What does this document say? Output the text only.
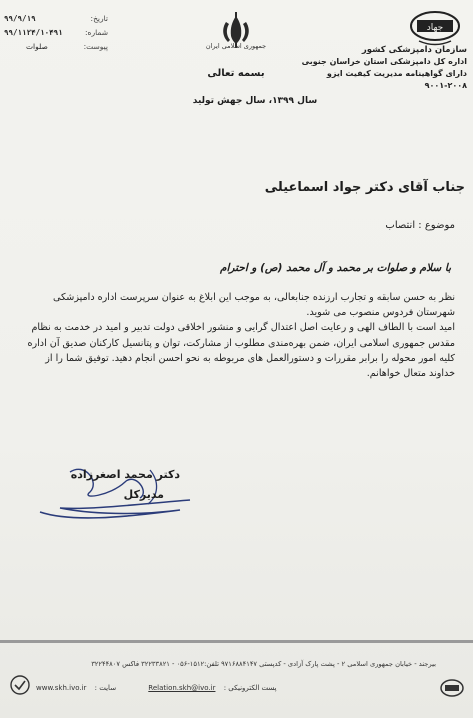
جهاد
سازمان دامپزشکی کشور
اداره کل دامپزشکی استان خراسان جنوبی
دارای گواهینامه مدیریت کیفیت ایزو ۲۰۰۸-۹۰۰۱
جمهوری اسلامی ایران
بسمه تعالی
سال ۱۳۹۹، سال جهش تولید
تاریخ:
۹۹/۹/۱۹
شماره:
۹۹/۱۱۲۴/۱۰۴۹۱
پیوست:
صلوات
جناب آقای دکتر جواد اسماعیلی
موضوع : انتصاب
با سلام و صلوات بر محمد و آل محمد (ص) و احترام

نظر به حسن سابقه و تجارب ارزنده جنابعالی، به موجب این ابلاغ به عنوان سرپرست اداره دامپزشکی شهرستان فردوس منصوب می شوید.

امید است با الطاف الهی و رعایت اصل اعتدال گرایی و منشور اخلاقی دولت تدبیر و امید در خدمت به نظام مقدس جمهوری اسلامی ایران، ضمن بهره‌مندی مطلوب از مشارکت، توان و پتانسیل کارکنان صدیق آن اداره کلیه امور محوله را برابر مقررات و دستورالعمل های مربوطه به نحو احسن انجام دهید. توفیق شما را از خداوند متعال خواهانم.

دکتر محمد اصغرزاده
مدیرکل
بیرجند - خیابان جمهوری اسلامی ۲ - پشت پارک آزادی - کدپستی ۹۷۱۶۸۸۴۱۴۷ تلفن:۱۵۱۲-۰۵۶ - ۳۲۲۳۳۸۲۱ فاکس ۳۲۲۴۴۸۰۷
www.skh.ivo.ir سایت :	Relation.skh@ivo.ir پست الکترونیکی :
